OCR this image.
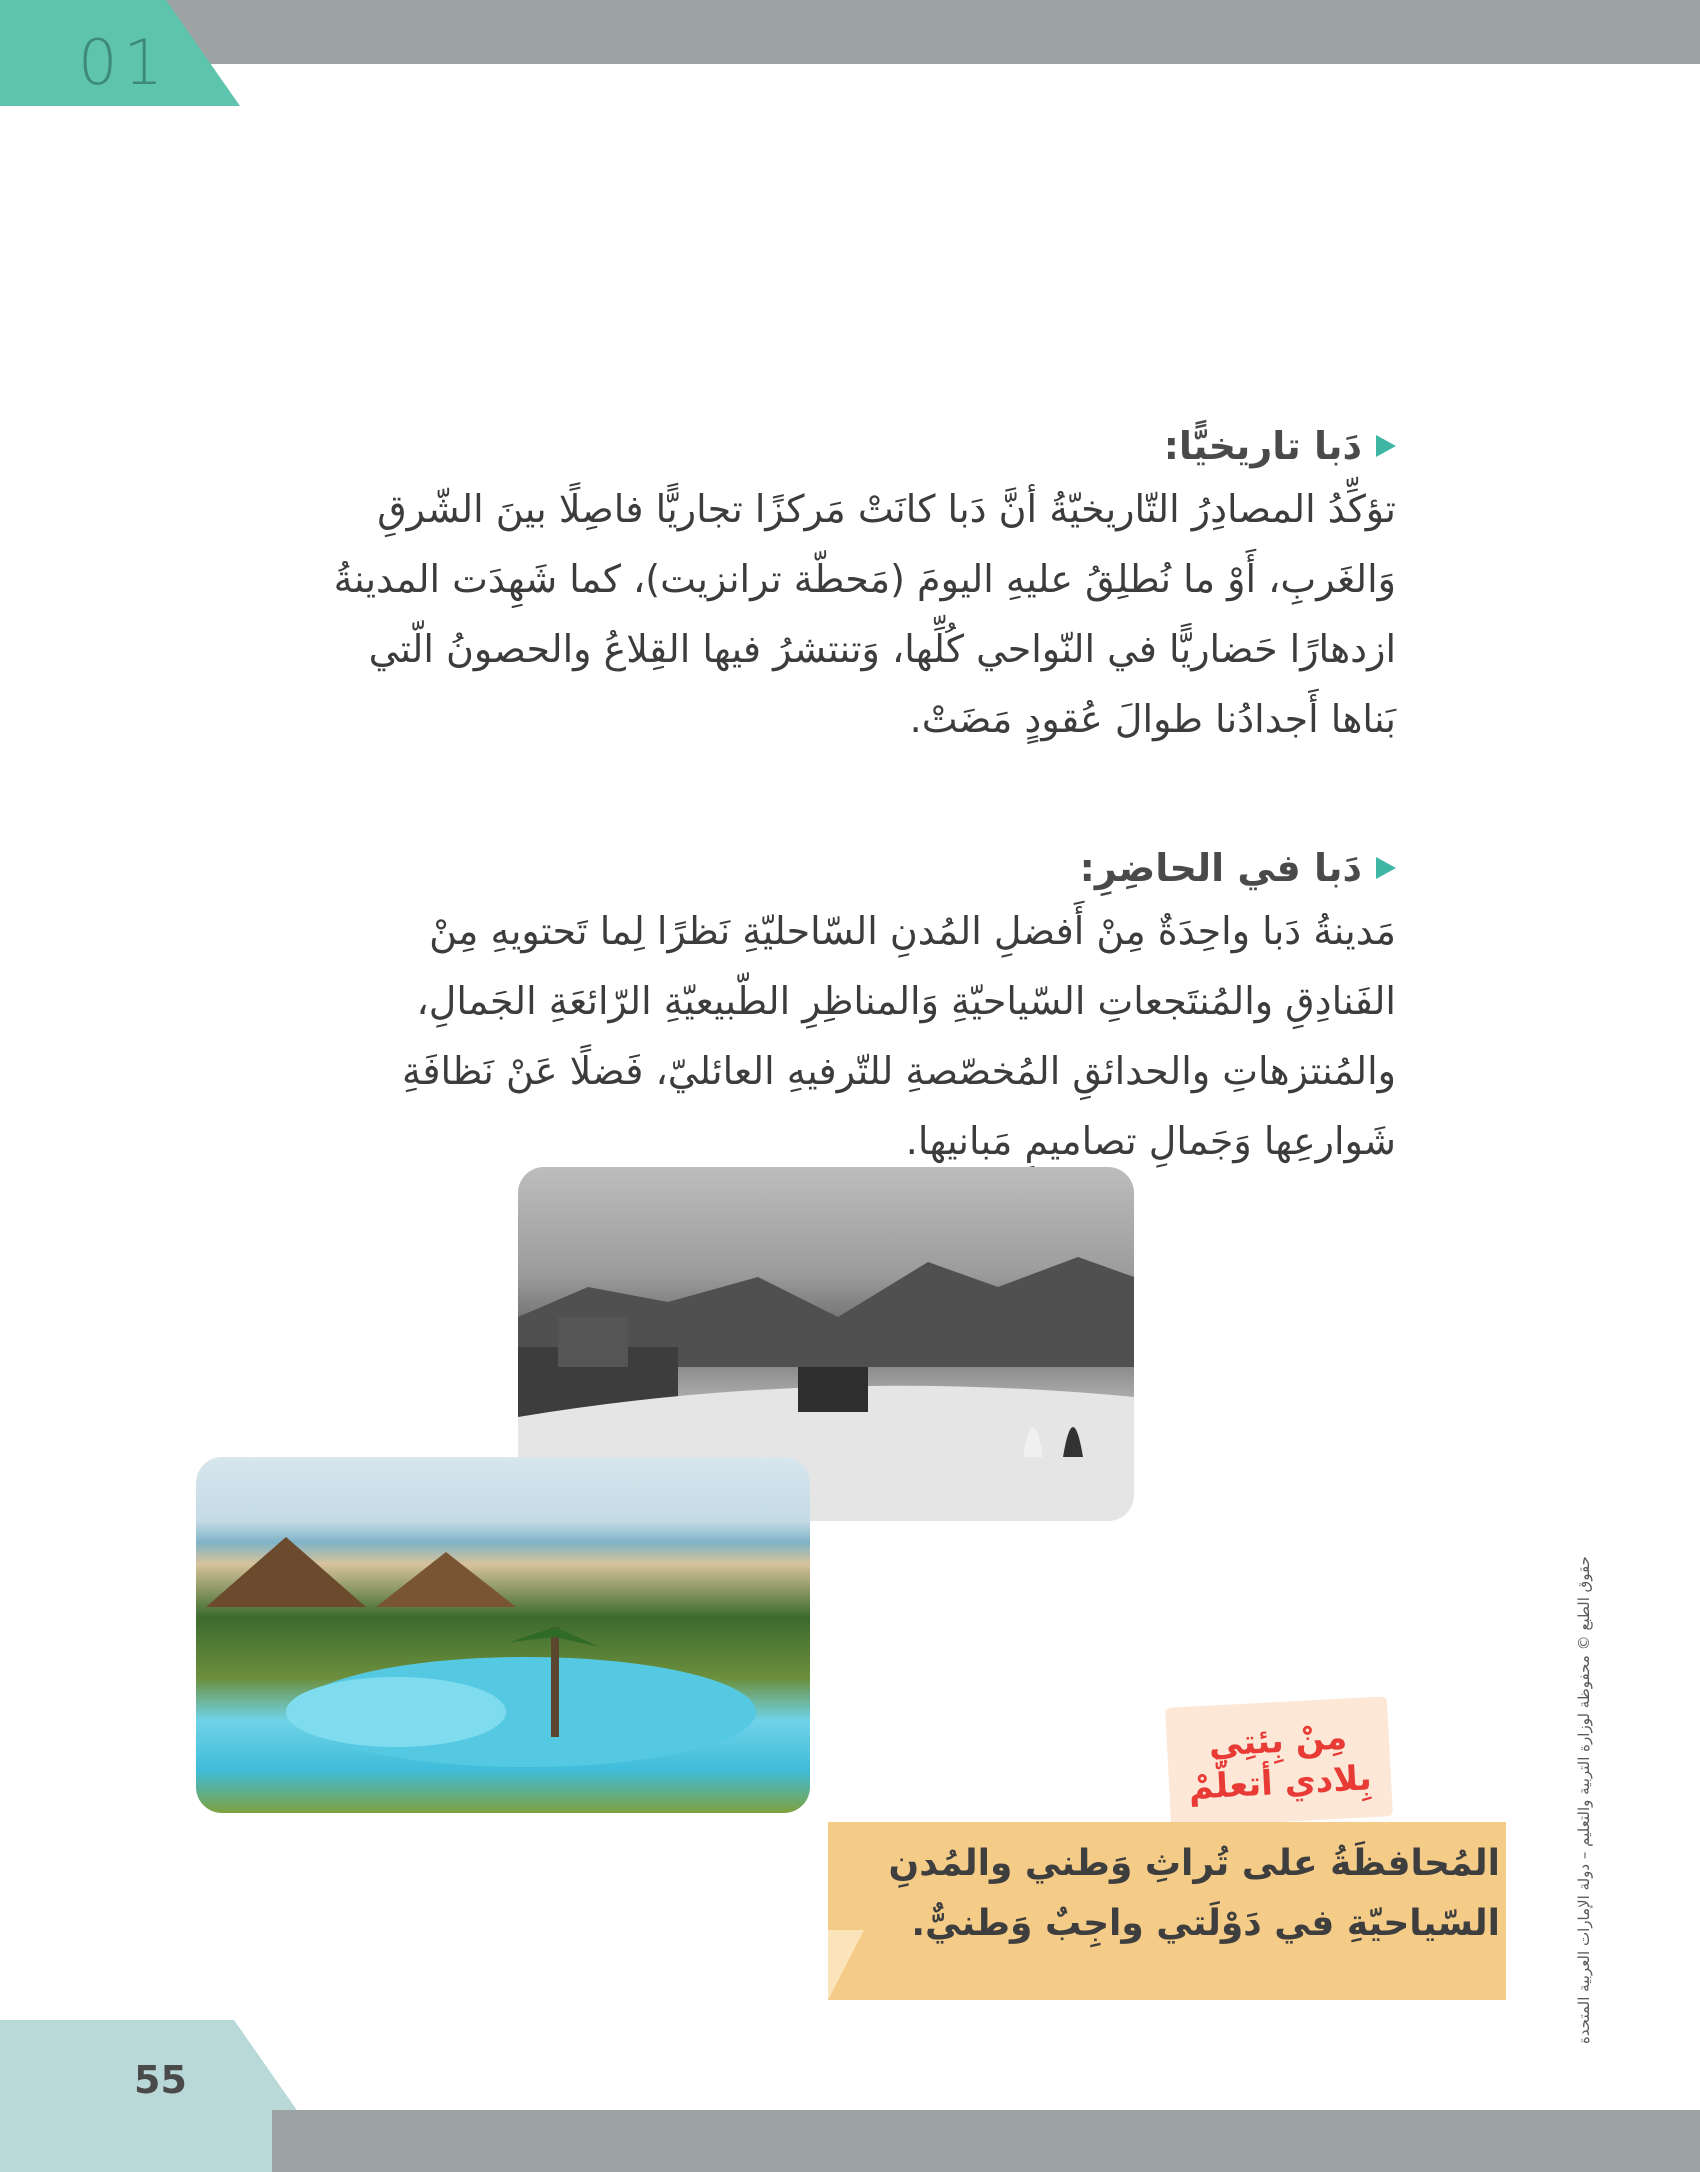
01
دَبا تاريخيًّا:
تؤكِّدُ المصادِرُ التّاريخيّةُ أنَّ دَبا كانَتْ مَركزًا تجاريًّا فاصِلًا بينَ الشّرقِ وَالغَربِ، أَوْ ما نُطلِقُ عليهِ اليومَ (مَحطّة ترانزيت)، كما شَهِدَت المدينةُ ازدهارًا حَضاريًّا في النّواحي كُلِّها، وَتنتشرُ فيها القِلاعُ والحصونُ الّتي بَناها أَجدادُنا طوالَ عُقودٍ مَضَتْ.
دَبا في الحاضِرِ:
مَدينةُ دَبا واحِدَةٌ مِنْ أَفضلِ المُدنِ السّاحليّةِ نَظرًا لِما تَحتويهِ مِنْ الفَنادِقِ والمُنتَجعاتِ السّياحيّةِ وَالمناظِرِ الطّبيعيّةِ الرّائعَةِ الجَمالِ، والمُنتزهاتِ والحدائقِ المُخصّصةِ للتّرفيهِ العائليّ، فَضلًا عَنْ نَظافَةِ شَوارعِها وَجَمالِ تصاميمِ مَبانيها.
مِنْ بِئتِي
بِلادي أتعلَّمْ
المُحافظَةُ على تُراثِ وَطني والمُدنِ السّياحيّةِ في دَوْلَتي واجِبٌ وَطنيٌّ.	حقوق الطبع © محفوظة لوزارة التربية والتعليم – دولة الإمارات العربية المتحدة
55
